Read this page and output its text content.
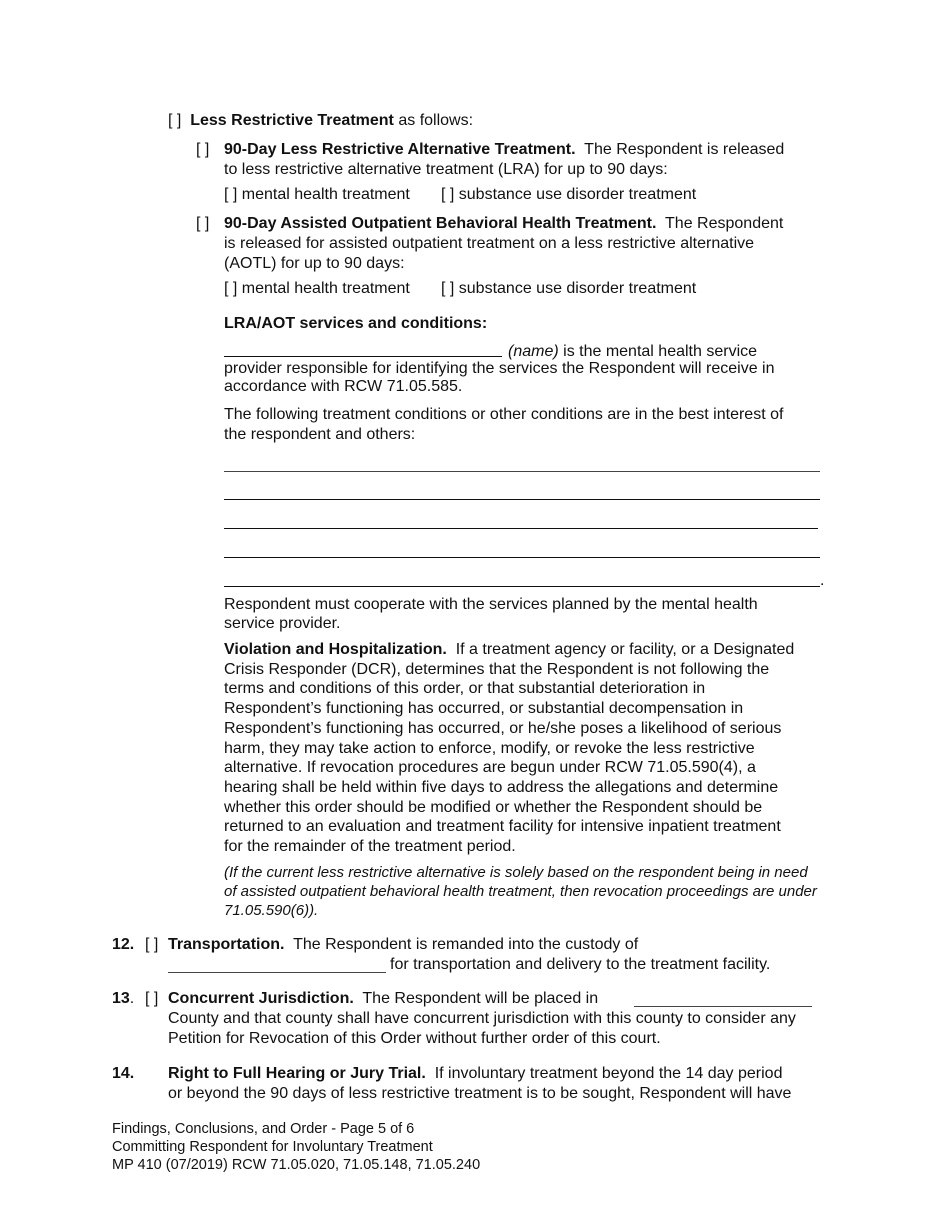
[ ] Less Restrictive Treatment as follows:
[ ] 90-Day Less Restrictive Alternative Treatment. The Respondent is released
to less restrictive alternative treatment (LRA) for up to 90 days:
[ ] mental health treatment [ ] substance use disorder treatment
[ ] 90-Day Assisted Outpatient Behavioral Health Treatment. The Respondent
is released for assisted outpatient treatment on a less restrictive alternative
(AOTL) for up to 90 days:
[ ] mental health treatment [ ] substance use disorder treatment
LRA/AOT services and conditions:
(name) is the mental health service
provider responsible for identifying the services the Respondent will receive in
accordance with RCW 71.05.585.
The following treatment conditions or other conditions are in the best interest of
the respondent and others:
.
Respondent must cooperate with the services planned by the mental health
service provider.
Violation and Hospitalization. If a treatment agency or facility, or a Designated
Crisis Responder (DCR), determines that the Respondent is not following the
terms and conditions of this order, or that substantial deterioration in
Respondent’s functioning has occurred, or substantial decompensation in
Respondent’s functioning has occurred, or he/she poses a likelihood of serious
harm, they may take action to enforce, modify, or revoke the less restrictive
alternative. If revocation procedures are begun under RCW 71.05.590(4), a
hearing shall be held within five days to address the allegations and determine
whether this order should be modified or whether the Respondent should be
returned to an evaluation and treatment facility for intensive inpatient treatment
for the remainder of the treatment period.
(If the current less restrictive alternative is solely based on the respondent being in need
of assisted outpatient behavioral health treatment, then revocation proceedings are under
71.05.590(6)).
12. [ ] Transportation. The Respondent is remanded into the custody of
for transportation and delivery to the treatment facility.
13. [ ] Concurrent Jurisdiction. The Respondent will be placed in
County and that county shall have concurrent jurisdiction with this county to consider any
Petition for Revocation of this Order without further order of this court.
14. Right to Full Hearing or Jury Trial. If involuntary treatment beyond the 14 day period
or beyond the 90 days of less restrictive treatment is to be sought, Respondent will have
Findings, Conclusions, and Order - Page 5 of 6
Committing Respondent for Involuntary Treatment
MP 410 (07/2019) RCW 71.05.020, 71.05.148, 71.05.240
